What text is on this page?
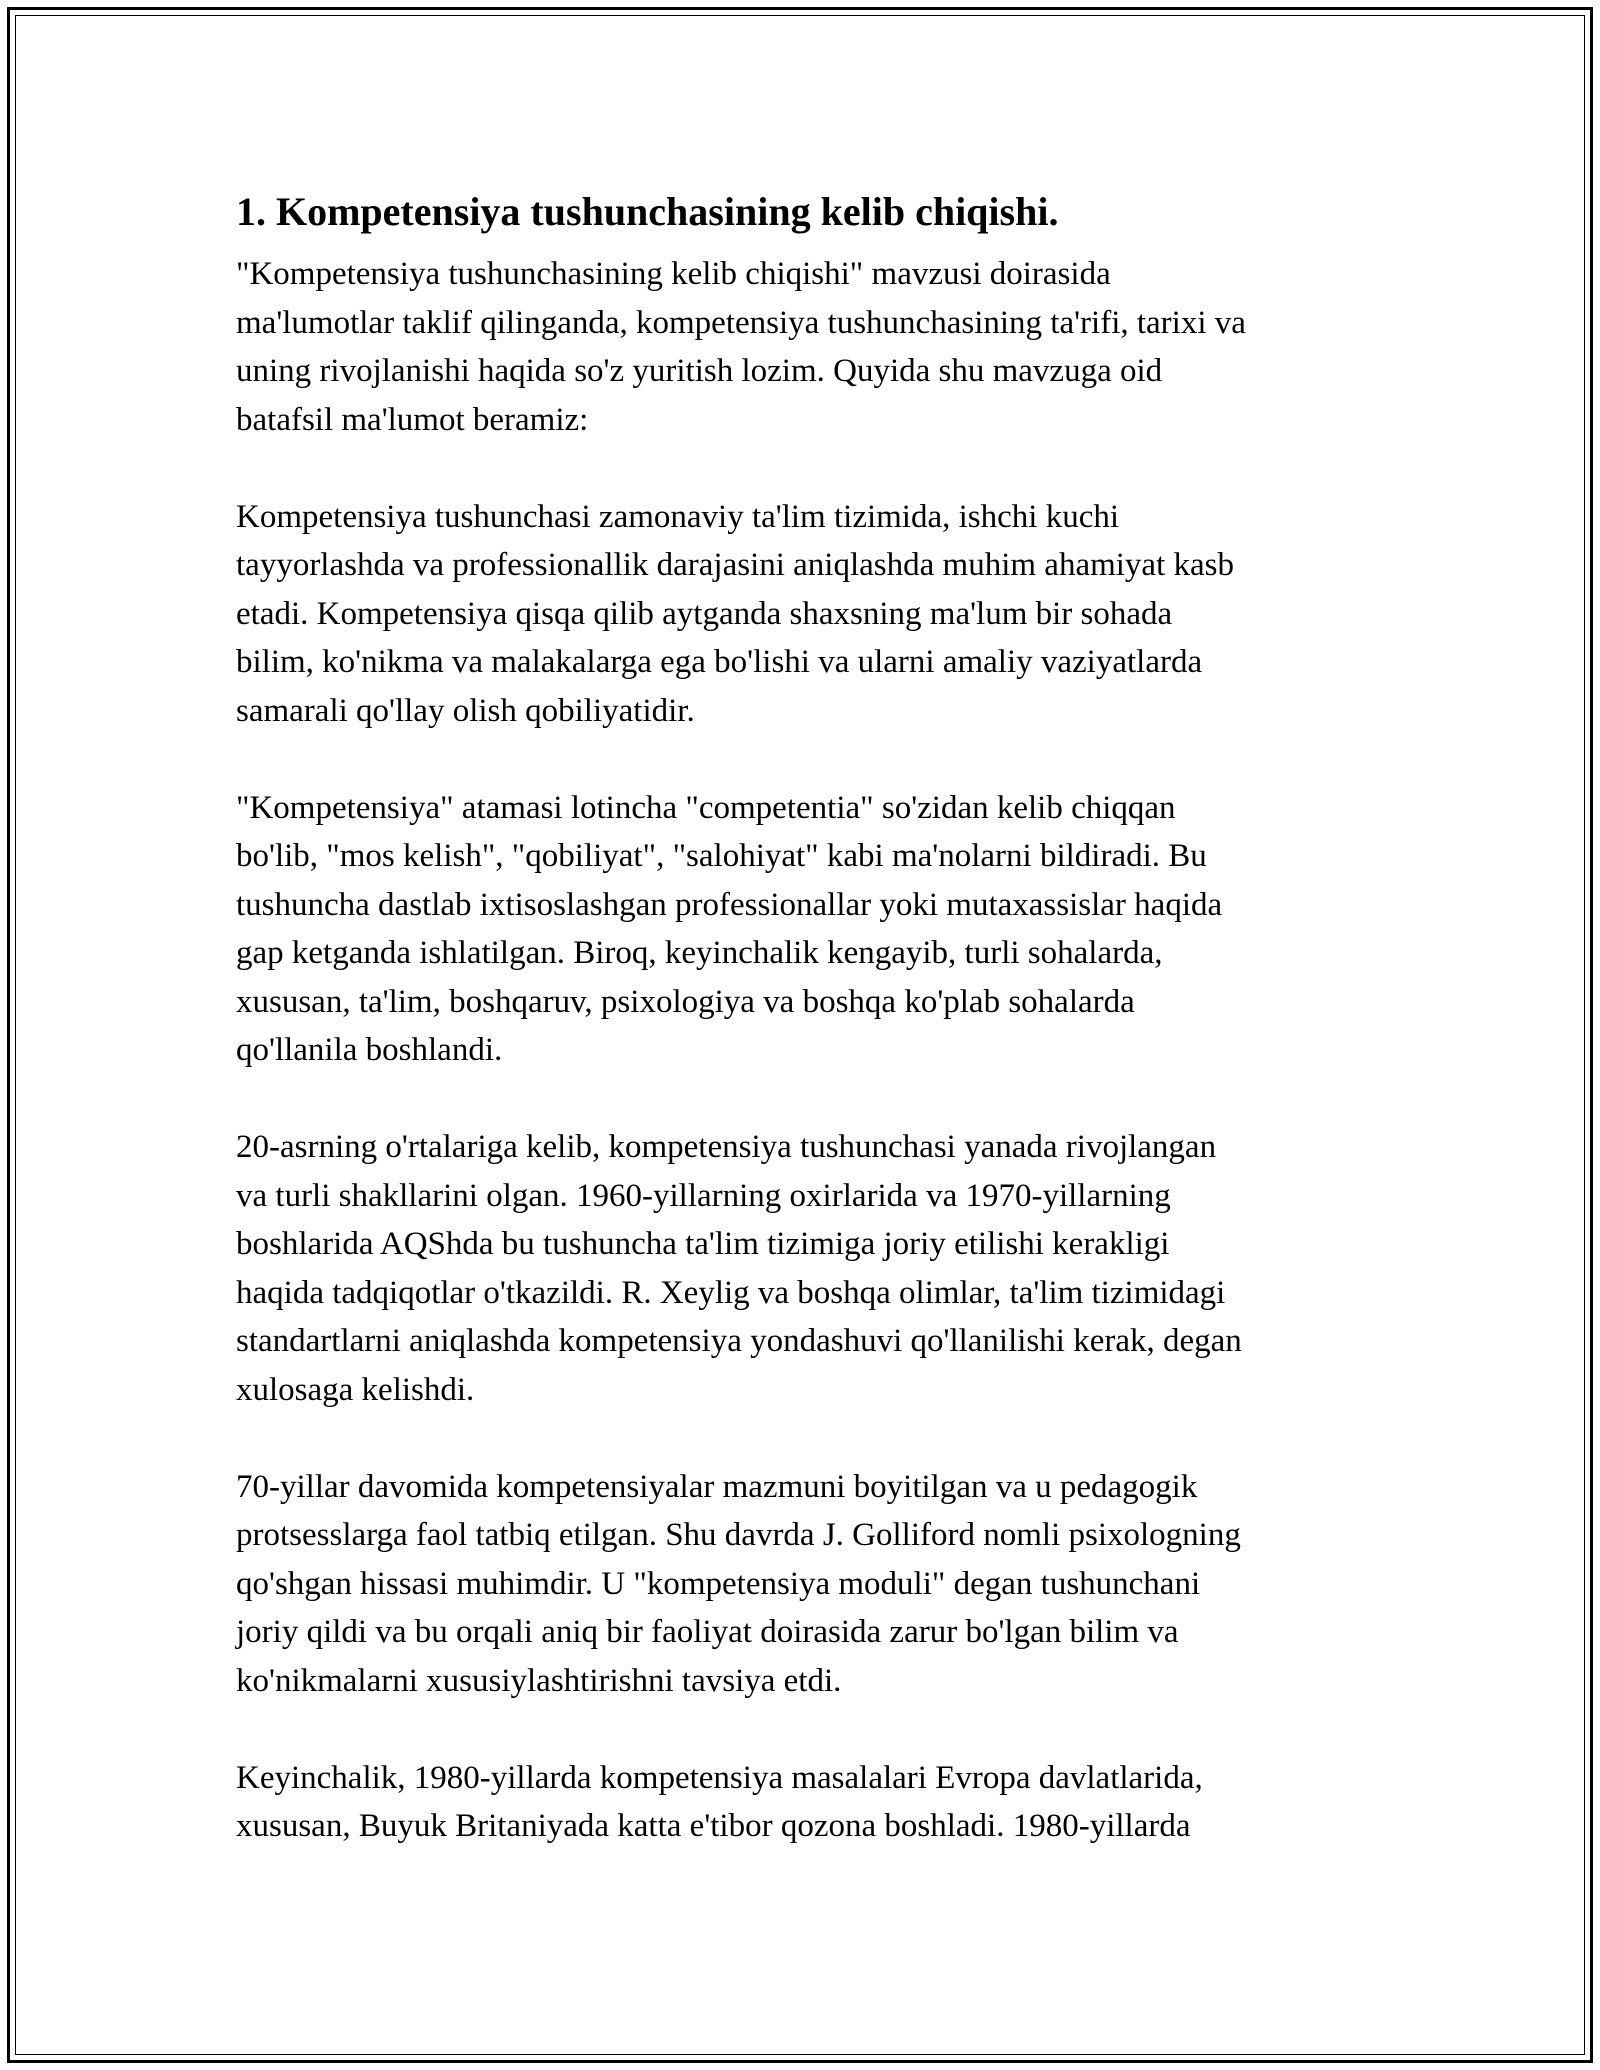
1. Kompetensiya tushunchasining kelib chiqishi.
"Kompetensiya tushunchasining kelib chiqishi" mavzusi doirasida
ma'lumotlar taklif qilinganda, kompetensiya tushunchasining ta'rifi, tarixi va
uning rivojlanishi haqida so'z yuritish lozim. Quyida shu mavzuga oid
batafsil ma'lumot beramiz:
Kompetensiya tushunchasi zamonaviy ta'lim tizimida, ishchi kuchi
tayyorlashda va professionallik darajasini aniqlashda muhim ahamiyat kasb
etadi. Kompetensiya qisqa qilib aytganda shaxsning ma'lum bir sohada
bilim, ko'nikma va malakalarga ega bo'lishi va ularni amaliy vaziyatlarda
samarali qo'llay olish qobiliyatidir.
"Kompetensiya" atamasi lotincha "competentia" so'zidan kelib chiqqan
bo'lib, "mos kelish", "qobiliyat", "salohiyat" kabi ma'nolarni bildiradi. Bu
tushuncha dastlab ixtisoslashgan professionallar yoki mutaxassislar haqida
gap ketganda ishlatilgan. Biroq, keyinchalik kengayib, turli sohalarda,
xususan, ta'lim, boshqaruv, psixologiya va boshqa ko'plab sohalarda
qo'llanila boshlandi.
20-asrning o'rtalariga kelib, kompetensiya tushunchasi yanada rivojlangan
va turli shakllarini olgan. 1960-yillarning oxirlarida va 1970-yillarning
boshlarida AQShda bu tushuncha ta'lim tizimiga joriy etilishi kerakligi
haqida tadqiqotlar o'tkazildi. R. Xeylig va boshqa olimlar, ta'lim tizimidagi
standartlarni aniqlashda kompetensiya yondashuvi qo'llanilishi kerak, degan
xulosaga kelishdi.
70-yillar davomida kompetensiyalar mazmuni boyitilgan va u pedagogik
protsesslarga faol tatbiq etilgan. Shu davrda J. Golliford nomli psixologning
qo'shgan hissasi muhimdir. U "kompetensiya moduli" degan tushunchani
joriy qildi va bu orqali aniq bir faoliyat doirasida zarur bo'lgan bilim va
ko'nikmalarni xususiylashtirishni tavsiya etdi.
Keyinchalik, 1980-yillarda kompetensiya masalalari Evropa davlatlarida,
xususan, Buyuk Britaniyada katta e'tibor qozona boshladi. 1980-yillarda
